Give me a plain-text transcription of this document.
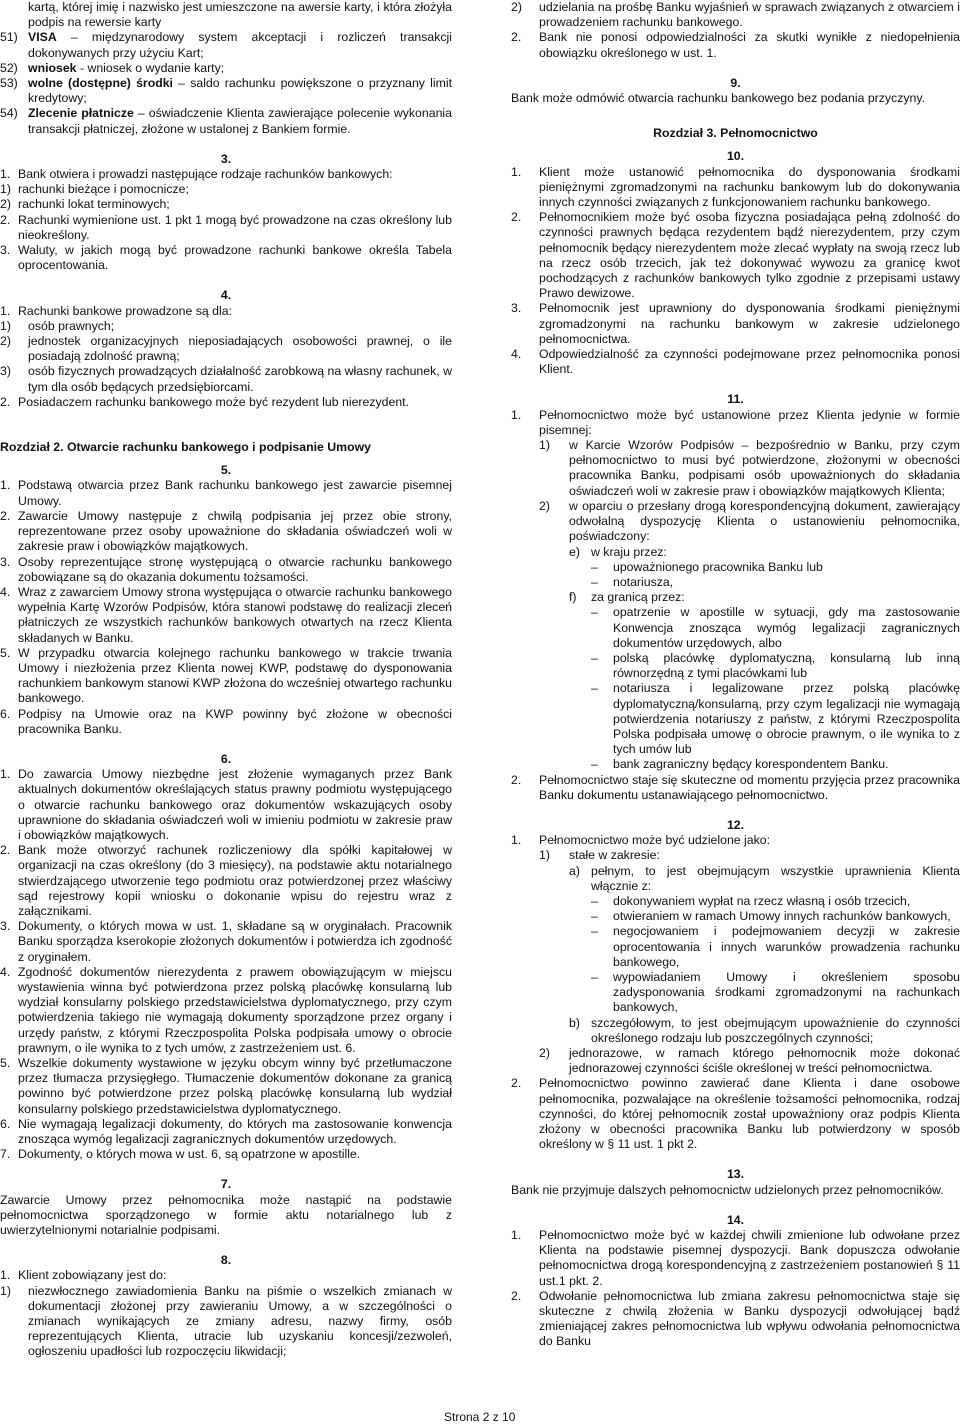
kartą, której imię i nazwisko jest umieszczone na awersie karty, i która złożyła podpis na rewersie karty

51) VISA – międzynarodowy system akceptacji i rozliczeń transakcji dokonywanych przy użyciu Kart;
52) wniosek - wniosek o wydanie karty;
53) wolne (dostępne) środki – saldo rachunku powiększone o przyznany limit kredytowy;
54) Zlecenie płatnicze – oświadczenie Klienta zawierające polecenie wykonania transakcji płatniczej, złożone w ustalonej z Bankiem formie.

3.

1. Bank otwiera i prowadzi następujące rodzaje rachunków bankowych:
1) rachunki bieżące i pomocnicze;
2) rachunki lokat terminowych;
2. Rachunki wymienione ust. 1 pkt 1 mogą być prowadzone na czas określony lub nieokreślony.
3. Waluty, w jakich mogą być prowadzone rachunki bankowe określa Tabela oprocentowania.

4.

1. Rachunki bankowe prowadzone są dla:
1)	osób prawnych;
2)	jednostek organizacyjnych nieposiadających osobowości prawnej, o ile posiadają zdolność prawną;
3)	osób fizycznych prowadzących działalność zarobkową na własny rachunek, w tym dla osób będących przedsiębiorcami.
2. Posiadaczem rachunku bankowego może być rezydent lub nierezydent.

Rozdział 2. Otwarcie rachunku bankowego i podpisanie Umowy

5.

1. Podstawą otwarcia przez Bank rachunku bankowego jest zawarcie pisemnej Umowy.
2. Zawarcie Umowy następuje z chwilą podpisania jej przez obie strony, reprezentowane przez osoby upoważnione do składania oświadczeń woli w zakresie praw i obowiązków majątkowych.
3. Osoby reprezentujące stronę występującą o otwarcie rachunku bankowego zobowiązane są do okazania dokumentu tożsamości.
4. Wraz z zawarciem Umowy strona występująca o otwarcie rachunku bankowego wypełnia Kartę Wzorów Podpisów, która stanowi podstawę do realizacji zleceń płatniczych ze wszystkich rachunków bankowych otwartych na rzecz Klienta składanych w Banku.
5. W przypadku otwarcia kolejnego rachunku bankowego w trakcie trwania Umowy i niezłożenia przez Klienta nowej KWP, podstawę do dysponowania rachunkiem bankowym stanowi KWP złożona do wcześniej otwartego rachunku bankowego.
6. Podpisy na Umowie oraz na KWP powinny być złożone w obecności pracownika Banku.

6.

1. Do zawarcia Umowy niezbędne jest złożenie wymaganych przez Bank aktualnych dokumentów określających status prawny podmiotu występującego o otwarcie rachunku bankowego oraz dokumentów wskazujących osoby uprawnione do składania oświadczeń woli w imieniu podmiotu w zakresie praw i obowiązków majątkowych.
2. Bank może otworzyć rachunek rozliczeniowy dla spółki kapitałowej w organizacji na czas określony (do 3 miesięcy), na podstawie aktu notarialnego stwierdzającego utworzenie tego podmiotu oraz potwierdzonej przez właściwy sąd rejestrowy kopii wniosku o dokonanie wpisu do rejestru wraz z załącznikami.
3. Dokumenty, o których mowa w ust. 1, składane są w oryginałach. Pracownik Banku sporządza kserokopie złożonych dokumentów i potwierdza ich zgodność z oryginałem.
4. Zgodność dokumentów nierezydenta z prawem obowiązującym w miejscu wystawienia winna być potwierdzona przez polską placówkę konsularną lub wydział konsularny polskiego przedstawicielstwa dyplomatycznego, przy czym potwierdzenia takiego nie wymagają dokumenty sporządzone przez organy i urzędy państw, z którymi Rzeczpospolita Polska podpisała umowy o obrocie prawnym, o ile wynika to z tych umów, z zastrzeżeniem ust. 6.
5. Wszelkie dokumenty wystawione w języku obcym winny być przetłumaczone przez tłumacza przysięgłego. Tłumaczenie dokumentów dokonane za granicą powinno być potwierdzone przez polską placówkę konsularną lub wydział konsularny polskiego przedstawicielstwa dyplomatycznego.
6. Nie wymagają legalizacji dokumenty, do których ma zastosowanie konwencja znosząca wymóg legalizacji zagranicznych dokumentów urzędowych.
7. Dokumenty, o których mowa w ust. 6, są opatrzone w apostille.

7.

Zawarcie Umowy przez pełnomocnika może nastąpić na podstawie pełnomocnictwa sporządzonego w formie aktu notarialnego lub z uwierzytelnionymi notarialnie podpisami.

8.

1. Klient zobowiązany jest do:
1)	niezwłocznego zawiadomienia Banku na piśmie o wszelkich zmianach w dokumentacji złożonej przy zawieraniu Umowy, a w szczególności o zmianach wynikających ze zmiany adresu, nazwy firmy, osób reprezentujących Klienta, utracie lub uzyskaniu koncesji/zezwoleń, ogłoszeniu upadłości lub rozpoczęciu likwidacji;
2)	udzielania na prośbę Banku wyjaśnień w sprawach związanych z otwarciem i prowadzeniem rachunku bankowego.
2.	Bank nie ponosi odpowiedzialności za skutki wynikłe z niedopełnienia obowiązku określonego w ust. 1.

9.

Bank może odmówić otwarcia rachunku bankowego bez podania przyczyny.

Rozdział 3. Pełnomocnictwo

10.

1.	Klient może ustanowić pełnomocnika do dysponowania środkami pieniężnymi zgromadzonymi na rachunku bankowym lub do dokonywania innych czynności związanych z funkcjonowaniem rachunku bankowego.
2.	Pełnomocnikiem może być osoba fizyczna posiadająca pełną zdolność do czynności prawnych będąca rezydentem bądź nierezydentem, przy czym pełnomocnik będący nierezydentem może zlecać wypłaty na swoją rzecz lub na rzecz osób trzecich, jak też dokonywać wywozu za granicę kwot pochodzących z rachunków bankowych tylko zgodnie z przepisami ustawy Prawo dewizowe.
3.	Pełnomocnik jest uprawniony do dysponowania środkami pieniężnymi zgromadzonymi na rachunku bankowym w zakresie udzielonego pełnomocnictwa.
4.	Odpowiedzialność za czynności podejmowane przez pełnomocnika ponosi Klient.

11.

1.	Pełnomocnictwo może być ustanowione przez Klienta jedynie w formie pisemnej:
1)	w Karcie Wzorów Podpisów – bezpośrednio w Banku, przy czym pełnomocnictwo to musi być potwierdzone, złożonymi w obecności pracownika Banku, podpisami osób upoważnionych do składania oświadczeń woli w zakresie praw i obowiązków majątkowych Klienta;
2)	w oparciu o przesłany drogą korespondencyjną dokument, zawierający odwołalną dyspozycję Klienta o ustanowieniu pełnomocnika, poświadczony:
e) w kraju przez:
–	upoważnionego pracownika Banku lub
–	notariusza,
f)	za granicą przez:
–	opatrzenie w apostille w sytuacji, gdy ma zastosowanie Konwencja znosząca wymóg legalizacji zagranicznych dokumentów urzędowych, albo
–	polską placówkę dyplomatyczną, konsularną lub inną równorzędną z tymi placówkami lub
–	notariusza i legalizowane przez polską placówkę dyplomatyczną/konsularną, przy czym legalizacji nie wymagają potwierdzenia notariuszy z państw, z którymi Rzeczpospolita Polska podpisała umowę o obrocie prawnym, o ile wynika to z tych umów lub
–	bank zagraniczny będący korespondentem Banku.
2.	Pełnomocnictwo staje się skuteczne od momentu przyjęcia przez pracownika Banku dokumentu ustanawiającego pełnomocnictwo.

12.

1.	Pełnomocnictwo może być udzielone jako:
1)	stałe w zakresie:
a) pełnym, to jest obejmującym wszystkie uprawnienia Klienta włącznie z:
–	dokonywaniem wypłat na rzecz własną i osób trzecich,
–	otwieraniem w ramach Umowy innych rachunków bankowych,
–	negocjowaniem i podejmowaniem decyzji w zakresie oprocentowania i innych warunków prowadzenia rachunku bankowego,
–	wypowiadaniem Umowy i określeniem sposobu zadysponowania środkami zgromadzonymi na rachunkach bankowych,
b) szczegółowym, to jest obejmującym upoważnienie do czynności określonego rodzaju lub poszczególnych czynności;
2)	jednorazowe, w ramach którego pełnomocnik może dokonać jednorazowej czynności ściśle określonej w treści pełnomocnictwa.
2.	Pełnomocnictwo powinno zawierać dane Klienta i dane osobowe pełnomocnika, pozwalające na określenie tożsamości pełnomocnika, rodzaj czynności, do której pełnomocnik został upoważniony oraz podpis Klienta złożony w obecności pracownika Banku lub potwierdzony w sposób określony w § 11 ust. 1 pkt 2.

13.

Bank nie przyjmuje dalszych pełnomocnictw udzielonych przez pełnomocników.

14.

1.	Pełnomocnictwo może być w każdej chwili zmienione lub odwołane przez Klienta na podstawie pisemnej dyspozycji. Bank dopuszcza odwołanie pełnomocnictwa drogą korespondencyjną z zastrzeżeniem postanowień § 11 ust.1 pkt. 2.
2.	Odwołanie pełnomocnictwa lub zmiana zakresu pełnomocnictwa staje się skuteczne z chwilą złożenia w Banku dyspozycji odwołującej bądź zmieniającej zakres pełnomocnictwa lub wpływu odwołania pełnomocnictwa do Banku
Strona 2 z 10
